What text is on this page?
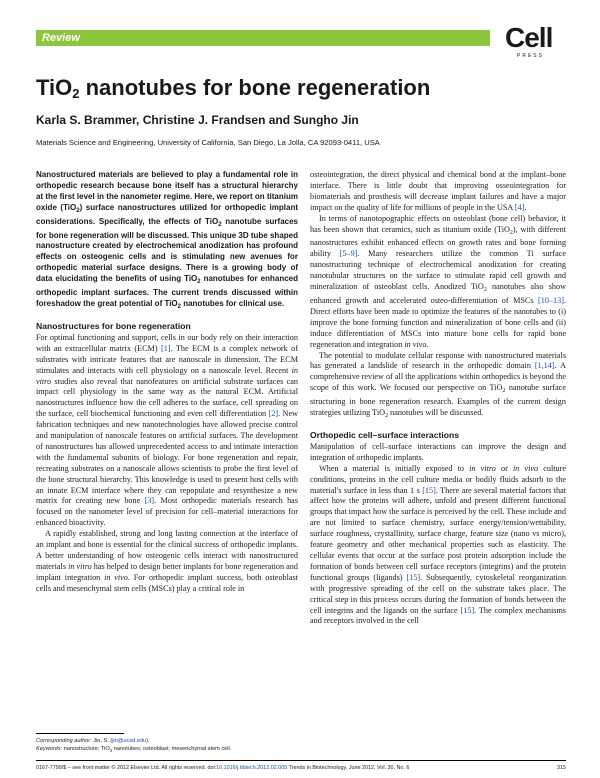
Review	Cell
PRESS
TiO$_2$ nanotubes for bone regeneration
Karla S. Brammer, Christine J. Frandsen and Sungho Jin
Materials Science and Engineering, University of California, San Diego, La Jolla, CA 92093-0411, USA

Nanostructured materials are believed to play a fundamental role in orthopedic research because bone itself has a structural hierarchy at the first level in the nanometer regime. Here, we report on titanium oxide (TiO$_2$) surface nanostructures utilized for orthopedic implant considerations. Specifically, the effects of TiO$_2$ nanotube surfaces for bone regeneration will be discussed. This unique 3D tube shaped nanostructure created by electrochemical anodization has profound effects on osteogenic cells and is stimulating new avenues for orthopedic material surface designs. There is a growing body of data elucidating the benefits of using TiO$_2$ nanotubes for enhanced orthopedic implant surfaces. The current trends discussed within foreshadow the great potential of TiO$_2$ nanotubes for clinical use.

Nanostructures for bone regeneration

For optimal functioning and support, cells in our body rely on their interaction with an extracellular matrix (ECM) [1]. The ECM is a complex network of substrates with intricate features that are nanoscale in dimension. The ECM stimulates and interacts with cell physiology on a nanoscale level. Recent in vitro studies also reveal that nanofeatures on artificial substrate surfaces can impact cell physiology in the same way as the natural ECM. Artificial nanostructures influence how the cell adheres to the surface, cell spreading on the surface, cell biochemical functioning and even cell differentiation [2]. New fabrication techniques and new nanotechnologies have allowed precise control and manipulation of nanoscale features on artificial surfaces. The development of nanostructures has allowed unprecedented access to and intimate interaction with the fundamental subunits of biology. For bone regeneration and repair, recreating substrates on a nanoscale allows scientists to probe the first level of the bone structural hierarchy. This knowledge is used to present host cells with an innate ECM interface where they can repopulate and resynthesize a new matrix for creating new bone [3]. Most orthopedic materials research has focused on the nanometer level of precision for cell–material interactions for enhanced bioactivity.

A rapidly established, strong and long lasting connection at the interface of an implant and bone is essential for the clinical success of orthopedic implants. A better understanding of how osteogenic cells interact with nanostructured materials in vitro has helped to design better implants for bone regeneration and implant integration in vivo. For orthopedic implant success, both osteoblast cells and mesenchymal stem cells (MSCs) play a critical role in

osteointegration, the direct physical and chemical bond at the implant–bone interface. There is little doubt that improving osseointegration for biomaterials and prosthesis will decrease implant failures and have a major impact on the quality of life for millions of people in the USA [4].

In terms of nanotopographic effects on osteoblast (bone cell) behavior, it has been shown that ceramics, such as titanium oxide (TiO$_2$), with different nanostructures exhibit enhanced effects on growth rates and bone forming ability [5–9]. Many researchers utilize the common Ti surface nanostructuring technique of electrochemical anodization for creating nanotubular structures on the surface to stimulate rapid cell growth and mineralization of osteoblast cells. Anodized TiO$_2$ nanotubes also show enhanced growth and accelerated osteo-differentiation of MSCs [10–13]. Direct efforts have been made to optimize the features of the nanotubes to (i) improve the bone forming function and mineralization of bone cells and (ii) induce differentiation of MSCs into mature bone cells for rapid bone regeneration and integration in vivo.

The potential to modulate cellular response with nanostructured materials has generated a landslide of research in the orthopedic domain [1,14]. A comprehensive review of all the applications within orthopedics is beyond the scope of this work. We focused our perspective on TiO$_2$ nanotube surface structuring in bone regeneration research. Examples of the current design strategies utilizing TiO$_2$ nanotubes will be discussed.

Orthopedic cell–surface interactions

Manipulation of cell–surface interactions can improve the design and integration of orthopedic implants.

When a material is initially exposed to in vitro or in vivo culture conditions, proteins in the cell culture media or bodily fluids adsorb to the material's surface in less than 1 s [15]. There are several material factors that affect how the proteins will adhere, unfold and present different functional groups that impact how the surface is perceived by the cell. These include and are not limited to surface chemistry, surface energy/tension/wettability, surface roughness, crystallinity, surface charge, feature size (nano vs micro), feature geometry and other mechanical properties such as elasticity. The cellular events that occur at the surface post protein adsorption include the formation of bonds between cell surface receptors (integrins) and the protein functional groups (ligands) [15]. Subsequently, cytoskeletal reorganization with progressive spreading of the cell on the substrate takes place. The critical step in this process occurs during the formation of bonds between the cell integrins and the ligands on the surface [15]. The complex mechanisms and receptors involved in the cell

Corresponding author: Jin, S. (jin@ucsd.edu).
Keywords: nanostructure; TiO$_2$ nanotubes; osteoblast; mesenchymal stem cell.
0167-7799/$ – see front matter © 2012 Elsevier Ltd. All rights reserved. doi:10.1016/j.tibtech.2012.02.005 Trends in Biotechnology, June 2012, Vol. 30, No. 6	315
